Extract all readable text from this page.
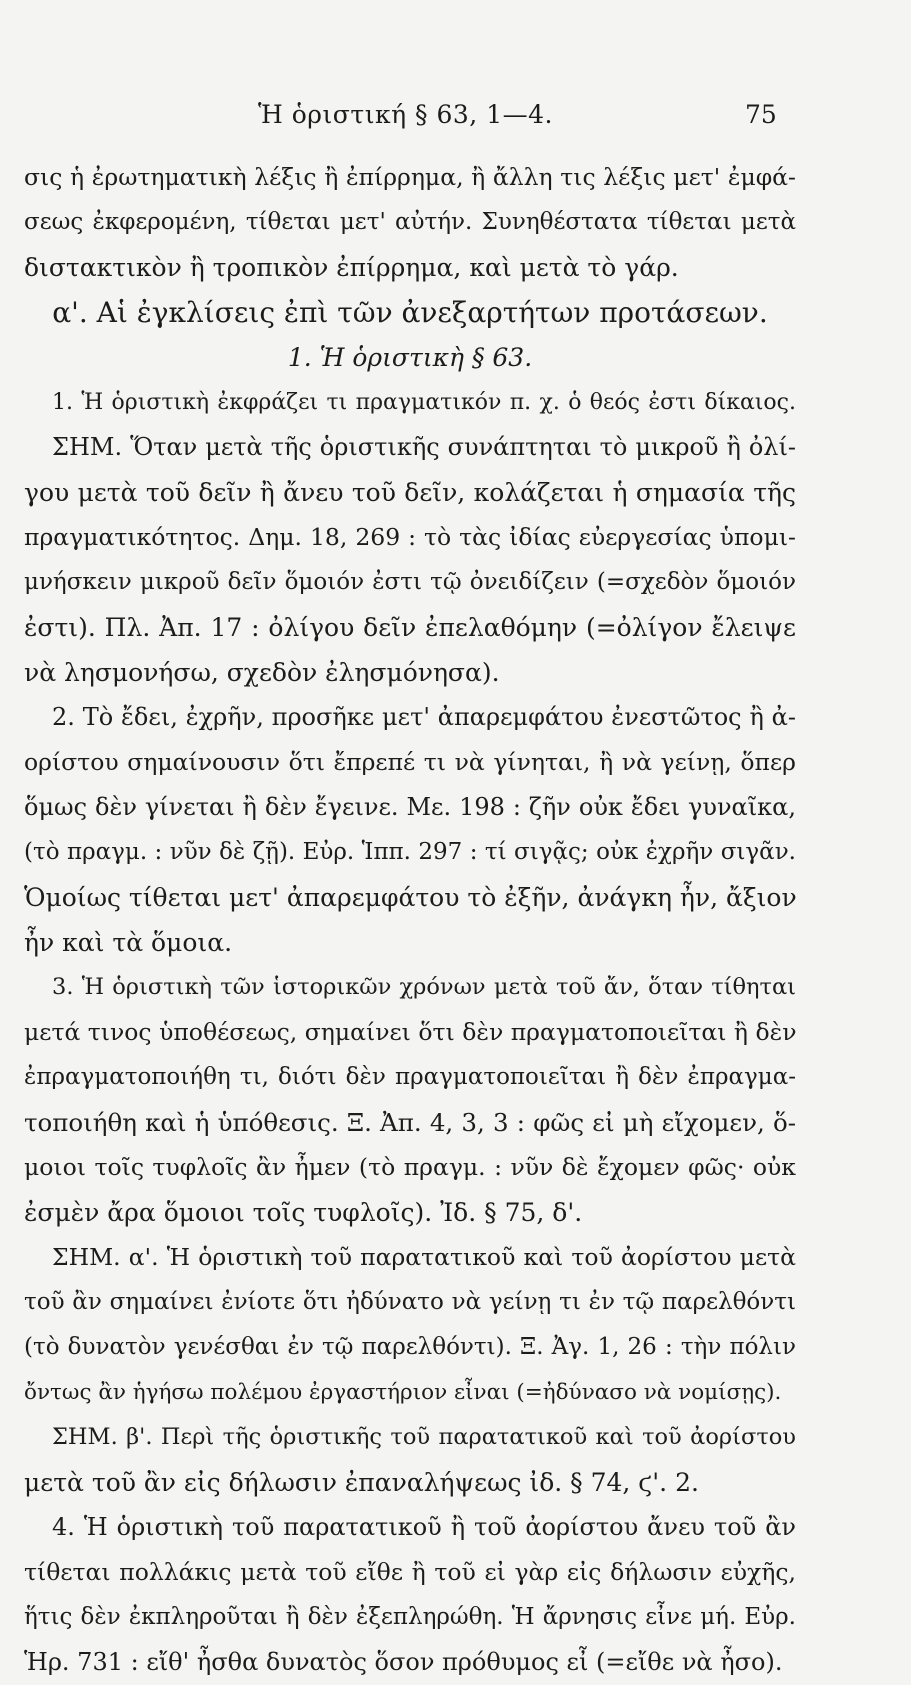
Ἡ ὁριστική § 63, 1—4.	75
σις ἡ ἐρωτηματικὴ λέξις ἢ ἐπίρρημα, ἢ ἄλλη τις λέξις μετ' ἐμφά-
σεως ἐκφερομένη, τίθεται μετ' αὐτήν. Συνηθέστατα τίθεται μετὰ
διστακτικὸν ἢ τροπικὸν ἐπίρρημα, καὶ μετὰ τὸ γάρ.
α'. Αἱ ἐγκλίσεις ἐπὶ τῶν ἀνεξαρτήτων προτάσεων.
1. Ἡ ὁριστικὴ § 63.
1. Ἡ ὁριστικὴ ἐκφράζει τι πραγματικόν π. χ. ὁ θεός ἐστι δίκαιος.
ΣΗΜ. Ὅταν μετὰ τῆς ὁριστικῆς συνάπτηται τὸ μικροῦ ἢ ὀλί-
γου μετὰ τοῦ δεῖν ἢ ἄνευ τοῦ δεῖν, κολάζεται ἡ σημασία τῆς
πραγματικότητος. Δημ. 18, 269 : τὸ τὰς ἰδίας εὐεργεσίας ὑπομι-
μνήσκειν μικροῦ δεῖν ὅμοιόν ἐστι τῷ ὀνειδίζειν (=σχεδὸν ὅμοιόν
ἐστι). Πλ. Ἀπ. 17 : ὀλίγου δεῖν ἐπελαθόμην (=ὀλίγον ἔλειψε
νὰ λησμονήσω, σχεδὸν ἐλησμόνησα).
2. Τὸ ἔδει, ἐχρῆν, προσῆκε μετ' ἀπαρεμφάτου ἐνεστῶτος ἢ ἀ-
ορίστου σημαίνουσιν ὅτι ἔπρεπέ τι νὰ γίνηται, ἢ νὰ γείνῃ, ὅπερ
ὅμως δὲν γίνεται ἢ δὲν ἔγεινε. Με. 198 : ζῆν οὐκ ἔδει γυναῖκα,
(τὸ πραγμ. : νῦν δὲ ζῇ). Εὐρ. Ἱππ. 297 : τί σιγᾷς; οὐκ ἐχρῆν σιγᾶν.
Ὁμοίως τίθεται μετ' ἀπαρεμφάτου τὸ ἐξῆν, ἀνάγκη ἦν, ἄξιον
ἦν καὶ τὰ ὅμοια.
3. Ἡ ὁριστικὴ τῶν ἱστορικῶν χρόνων μετὰ τοῦ ἄν, ὅταν τίθηται
μετά τινος ὑποθέσεως, σημαίνει ὅτι δὲν πραγματοποιεῖται ἢ δὲν
ἐπραγματοποιήθη τι, διότι δὲν πραγματοποιεῖται ἢ δὲν ἐπραγμα-
τοποιήθη καὶ ἡ ὑπόθεσις. Ξ. Ἀπ. 4, 3, 3 : φῶς εἰ μὴ εἴχομεν, ὅ-
μοιοι τοῖς τυφλοῖς ἂν ἦμεν (τὸ πραγμ. : νῦν δὲ ἔχομεν φῶς· οὐκ
ἐσμὲν ἄρα ὅμοιοι τοῖς τυφλοῖς). Ἰδ. § 75, δ'.
ΣΗΜ. α'. Ἡ ὁριστικὴ τοῦ παρατατικοῦ καὶ τοῦ ἀορίστου μετὰ
τοῦ ἂν σημαίνει ἐνίοτε ὅτι ἠδύνατο νὰ γείνῃ τι ἐν τῷ παρελθόντι
(τὸ δυνατὸν γενέσθαι ἐν τῷ παρελθόντι). Ξ. Ἀγ. 1, 26 : τὴν πόλιν
ὄντως ἂν ἡγήσω πολέμου ἐργαστήριον εἶναι (=ἠδύνασο νὰ νομίσῃς).
ΣΗΜ. β'. Περὶ τῆς ὁριστικῆς τοῦ παρατατικοῦ καὶ τοῦ ἀορίστου
μετὰ τοῦ ἂν εἰς δήλωσιν ἐπαναλήψεως ἰδ. § 74, ϛ'. 2.
4. Ἡ ὁριστικὴ τοῦ παρατατικοῦ ἢ τοῦ ἀορίστου ἄνευ τοῦ ἂν
τίθεται πολλάκις μετὰ τοῦ εἴθε ἢ τοῦ εἰ γὰρ εἰς δήλωσιν εὐχῆς,
ἥτις δὲν ἐκπληροῦται ἢ δὲν ἐξεπληρώθη. Ἡ ἄρνησις εἶνε μή. Εὐρ.
Ἡρ. 731 : εἴθ' ἦσθα δυνατὸς ὅσον πρόθυμος εἶ (=εἴθε νὰ ἦσο).
